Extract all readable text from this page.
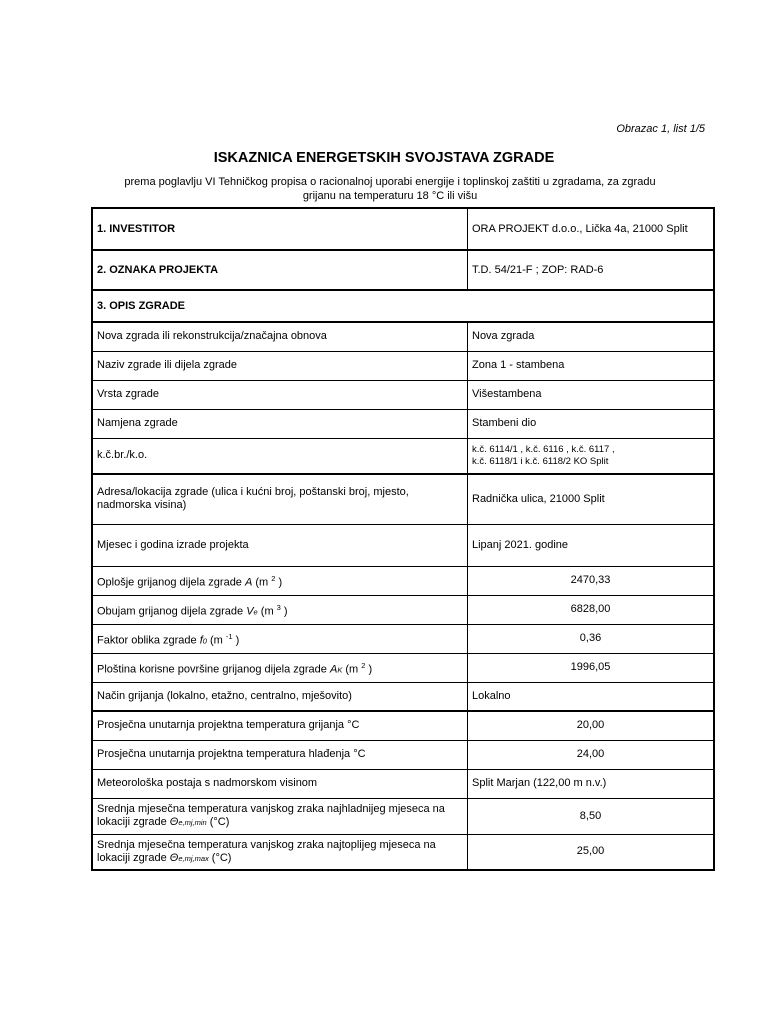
Obrazac 1, list 1/5
ISKAZNICA ENERGETSKIH SVOJSTAVA ZGRADE
prema poglavlju VI Tehničkog propisa o racionalnoj uporabi energije i toplinskoj zaštiti u zgradama, za zgradu grijanu na temperaturu 18 °C ili višu
1. INVESTITOR	ORA PROJEKT d.o.o., Lička 4a, 21000 Split
2. OZNAKA PROJEKTA	T.D. 54/21-F ; ZOP: RAD-6
3. OPIS ZGRADE	
Nova zgrada ili rekonstrukcija/značajna obnova	Nova zgrada
Naziv zgrade ili dijela zgrade	Zona 1 - stambena
Vrsta zgrade	Višestambena
Namjena zgrade	Stambeni dio
k.č.br./k.o.	k.č. 6114/1 , k.č. 6116 , k.č. 6117 ,
k.č. 6118/1 i k.č. 6118/2 KO Split

Adresa/lokacija zgrade (ulica i kućni broj, poštanski broj, mjesto, nadmorska visina)	Radnička ulica, 21000 Split
Mjesec i godina izrade projekta	Lipanj 2021. godine
Oplošje grijanog dijela zgrade A (m $^2$ )	2470,33
Obujam grijanog dijela zgrade Ve (m $^3$ )	6828,00
Faktor oblika zgrade f0 (m $^{-1}$ )	0,36
Ploština korisne površine grijanog dijela zgrade AK (m $^2$ )	1996,05
Način grijanja (lokalno, etažno, centralno, mješovito)	Lokalno
Prosječna unutarnja projektna temperatura grijanja °C	20,00
Prosječna unutarnja projektna temperatura hlađenja °C	24,00
Meteorološka postaja s nadmorskom visinom	Split Marjan (122,00 m n.v.)
Srednja mjesečna temperatura vanjskog zraka najhladnijeg mjeseca na lokaciji zgrade Θe,mj,min (°C)	8,50
Srednja mjesečna temperatura vanjskog zraka najtoplijeg mjeseca na lokaciji zgrade Θe,mj,max (°C)	25,00
